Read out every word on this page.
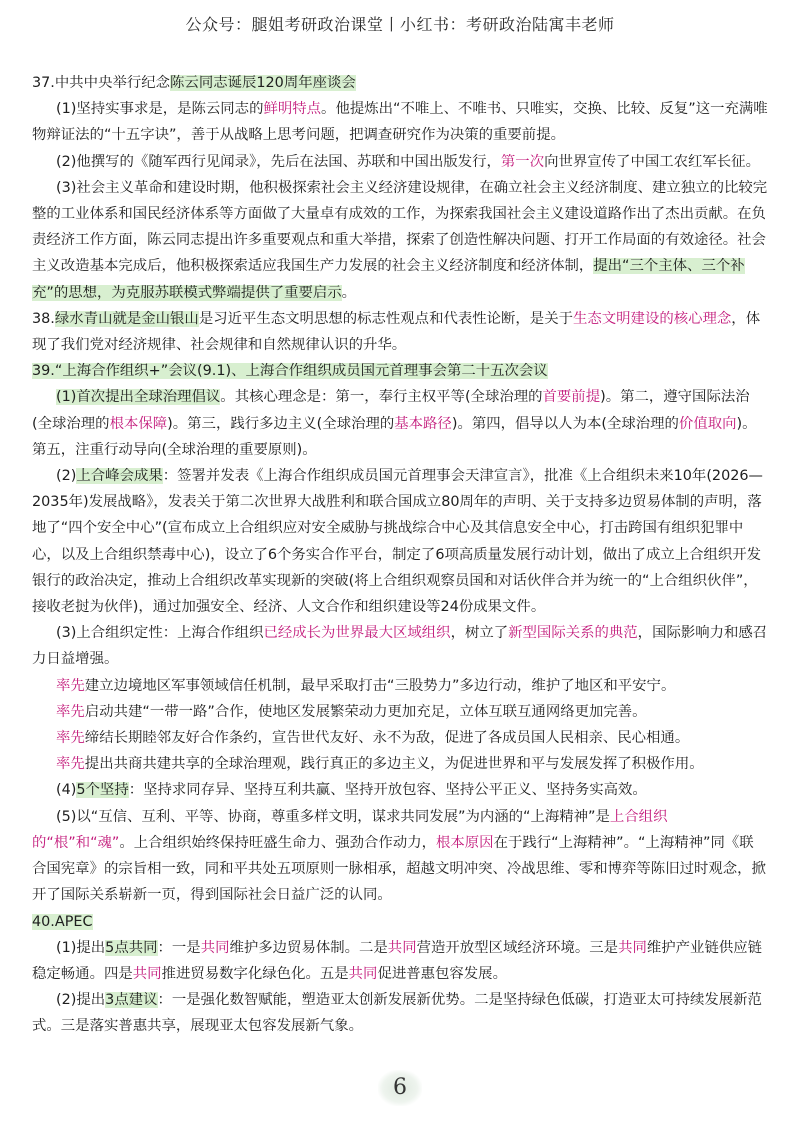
公众号：腿姐考研政治课堂丨小红书：考研政治陆寓丰老师

37.中共中央举行纪念陈云同志诞辰120周年座谈会

(1)坚持实事求是，是陈云同志的鲜明特点。他提炼出“不唯上、不唯书、只唯实，交换、比较、反复”这一充满唯物辩证法的“十五字诀”，善于从战略上思考问题，把调查研究作为决策的重要前提。

(2)他撰写的《随军西行见闻录》，先后在法国、苏联和中国出版发行，第一次向世界宣传了中国工农红军长征。

(3)社会主义革命和建设时期，他积极探索社会主义经济建设规律，在确立社会主义经济制度、建立独立的比较完整的工业体系和国民经济体系等方面做了大量卓有成效的工作，为探索我国社会主义建设道路作出了杰出贡献。在负责经济工作方面，陈云同志提出许多重要观点和重大举措，探索了创造性解决问题、打开工作局面的有效途径。社会主义改造基本完成后，他积极探索适应我国生产力发展的社会主义经济制度和经济体制，提出“三个主体、三个补充”的思想，为克服苏联模式弊端提供了重要启示。

38.绿水青山就是金山银山是习近平生态文明思想的标志性观点和代表性论断，是关于生态文明建设的核心理念，体现了我们党对经济规律、社会规律和自然规律认识的升华。

39.“上海合作组织+”会议(9.1)、上海合作组织成员国元首理事会第二十五次会议

(1)首次提出全球治理倡议。其核心理念是：第一，奉行主权平等(全球治理的首要前提)。第二，遵守国际法治(全球治理的根本保障)。第三，践行多边主义(全球治理的基本路径)。第四，倡导以人为本(全球治理的价值取向)。第五，注重行动导向(全球治理的重要原则)。

(2)上合峰会成果：签署并发表《上海合作组织成员国元首理事会天津宣言》，批准《上合组织未来10年(2026—2035年)发展战略》，发表关于第二次世界大战胜利和联合国成立80周年的声明、关于支持多边贸易体制的声明，落地了“四个安全中心”(宣布成立上合组织应对安全威胁与挑战综合中心及其信息安全中心，打击跨国有组织犯罪中心，以及上合组织禁毒中心)，设立了6个务实合作平台，制定了6项高质量发展行动计划，做出了成立上合组织开发银行的政治决定，推动上合组织改革实现新的突破(将上合组织观察员国和对话伙伴合并为统一的“上合组织伙伴”，接收老挝为伙伴)，通过加强安全、经济、人文合作和组织建设等24份成果文件。

(3)上合组织定性：上海合作组织已经成长为世界最大区域组织，树立了新型国际关系的典范，国际影响力和感召力日益增强。

率先建立边境地区军事领域信任机制，最早采取打击“三股势力”多边行动，维护了地区和平安宁。

率先启动共建“一带一路”合作，使地区发展繁荣动力更加充足，立体互联互通网络更加完善。

率先缔结长期睦邻友好合作条约，宣告世代友好、永不为敌，促进了各成员国人民相亲、民心相通。

率先提出共商共建共享的全球治理观，践行真正的多边主义，为促进世界和平与发展发挥了积极作用。

(4)5个坚持：坚持求同存异、坚持互利共赢、坚持开放包容、坚持公平正义、坚持务实高效。

(5)以“互信、互利、平等、协商，尊重多样文明，谋求共同发展”为内涵的“上海精神”是上合组织的“根”和“魂”。上合组织始终保持旺盛生命力、强劲合作动力，根本原因在于践行“上海精神”。“上海精神”同《联合国宪章》的宗旨相一致，同和平共处五项原则一脉相承，超越文明冲突、冷战思维、零和博弈等陈旧过时观念，掀开了国际关系崭新一页，得到国际社会日益广泛的认同。

40.APEC

(1)提出5点共同：一是共同维护多边贸易体制。二是共同营造开放型区域经济环境。三是共同维护产业链供应链稳定畅通。四是共同推进贸易数字化绿色化。五是共同促进普惠包容发展。

(2)提出3点建议：一是强化数智赋能，塑造亚太创新发展新优势。二是坚持绿色低碳，打造亚太可持续发展新范式。三是落实普惠共享，展现亚太包容发展新气象。

6
